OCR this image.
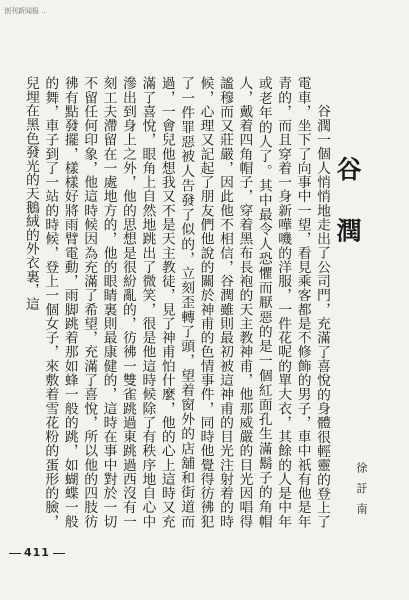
创刊新闻报 ..
谷 潤
徐 訏 南

谷潤一個人悄悄地走出了公司門，充滿了喜悅的身體很輕靈的登上了電車，坐下了向事中一望，看見乘客都是不修飾的男子，車中祇有他是年青的，而且穿着一身新嘩嘰的洋服，一件花呢的單大衣，其餘的人是中年或老年的人了。其中最令人恐懼而厭惡的是一個紅面孔生滿鬍子的角帽人，戴着四角帽子，穿着黑布長袍的天主教神甫，他那威嚴的目光因唱得謐穆而又莊嚴，因此他不相信，谷潤雖則最初被這神甫的目光注射着的時候，心理又記起了朋友們他說的關於神甫的色情事件，同時他覺得彷彿犯了一件罪惡被人告發了似的，立刻歪轉了頭，望着窗外的店舖和街道而過，一會兒他想我又不是天主教徒，見了神甫怕什麼，他的心上這時又充滿了喜悅，眼角上自然地跳出了微笑，很是他這時候除了有秩序地自心中滲出到身上之外，他的思想是很紛亂的，彷彿一雙雀跳過東跳過西沒有一刻工夫滯留在一處地方的，他的眼睛裏則最康健的，這時在事中對於一切不留任何印象，他這時候因為充滿了希望，充滿了喜悅，所以他的四肢彷彿有點發擺，樣樣好將雨臂電動，雨脚跳着那如蜂一般的跳，如蝴蝶一般的舞，車子到了一站的時候，登上一個女子，來敷着雪花粉的蛋形的臉，兒埋在黑色發光的天鵝絨的外衣裏，這

411
